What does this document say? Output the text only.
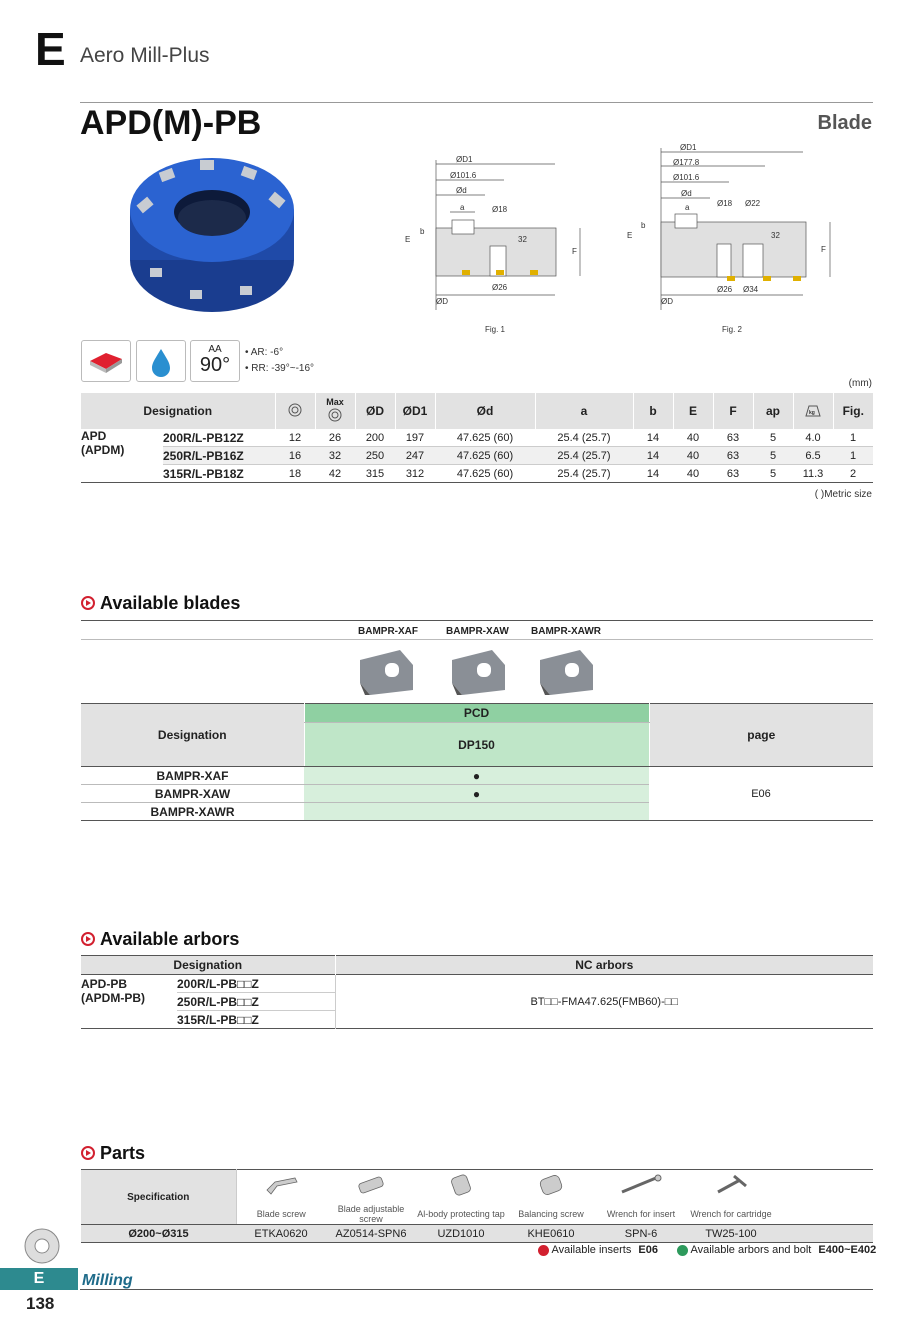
E Aero Mill-Plus
APD(M)-PB	Blade
ØD1
Ø101.6
Ød
a	Ø18
E
b
32
F
Ø26
ØD
Fig. 1
ØD1
Ø177.8
Ø101.6
Ød
a	Ø18 Ø22
E
b
32
F
Ø26 Ø34
ØD
Fig. 2
AA
90°
• AR: -6°
• RR: -39°~-16°
(mm)
Designation			Max	ØD	ØD1	Ød	a	b	E	F	ap	kg	Fig.

APD
(APDM)	200R/L-PB12Z	12	26	200	197	47.625 (60)	25.4 (25.7)	14	40	63	5	4.0	1
	250R/L-PB16Z	16	32	250	247	47.625 (60)	25.4 (25.7)	14	40	63	5	6.5	1
	315R/L-PB18Z	18	42	315	312	47.625 (60)	25.4 (25.7)	14	40	63	5	11.3	2
( )Metric size
Available blades
BAMPR-XAF	BAMPR-XAW BAMPR-XAWR
Designation	PCD	page
	DP150	
BAMPR-XAF	●	E06
BAMPR-XAW	●	
BAMPR-XAWR		
Available arbors
Designation		NC arbors

APD-PB
(APDM-PB)	200R/L-PB□□Z	BT□□-FMA47.625(FMB60)-□□
	250R/L-PB□□Z	
	315R/L-PB□□Z	
Parts
Specification							
	Blade screw	Blade adjustable screw	Al-body protecting tap	Balancing screw	Wrench for insert	Wrench for cartridge	
Ø200~Ø315	ETKA0620	AZ0514-SPN6	UZD1010	KHE0610	SPN-6	TW25-100	
Available inserts E06	Available arbors and bolt E400~E402
E	Milling
138
